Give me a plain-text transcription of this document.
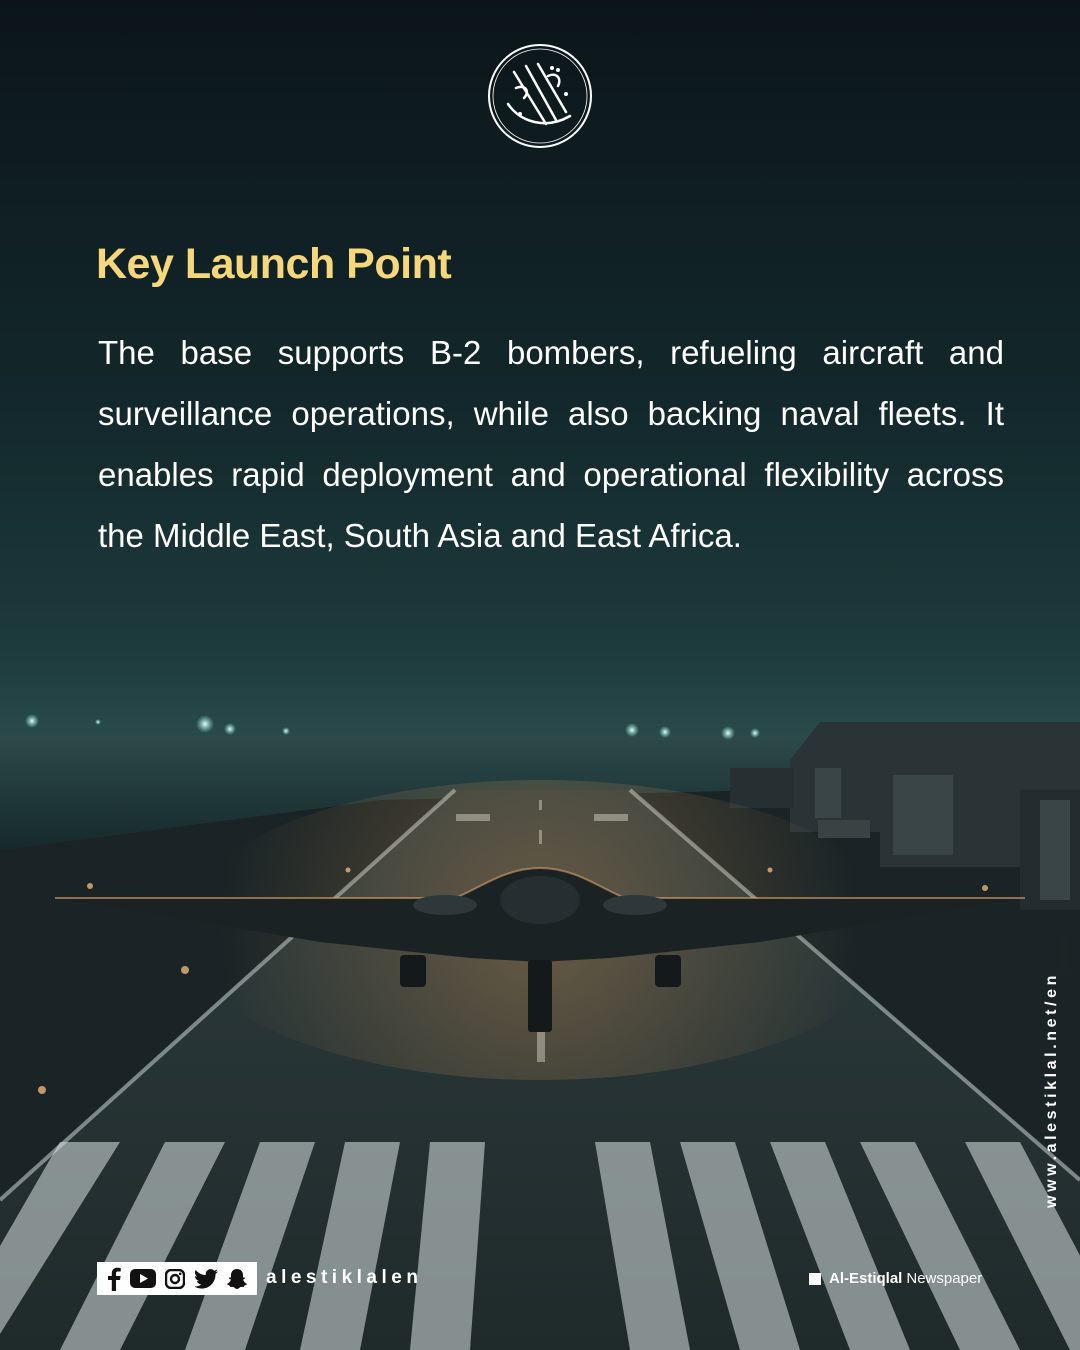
Key Launch Point

The base supports B-2 bombers, refueling aircraft and surveillance operations, while also backing naval fleets. It enables rapid deployment and operational flexibility across the Middle East, South Asia and East Africa.

alestiklalen	Al-Estiqlal Newspaper
www.alestiklal.net/en
